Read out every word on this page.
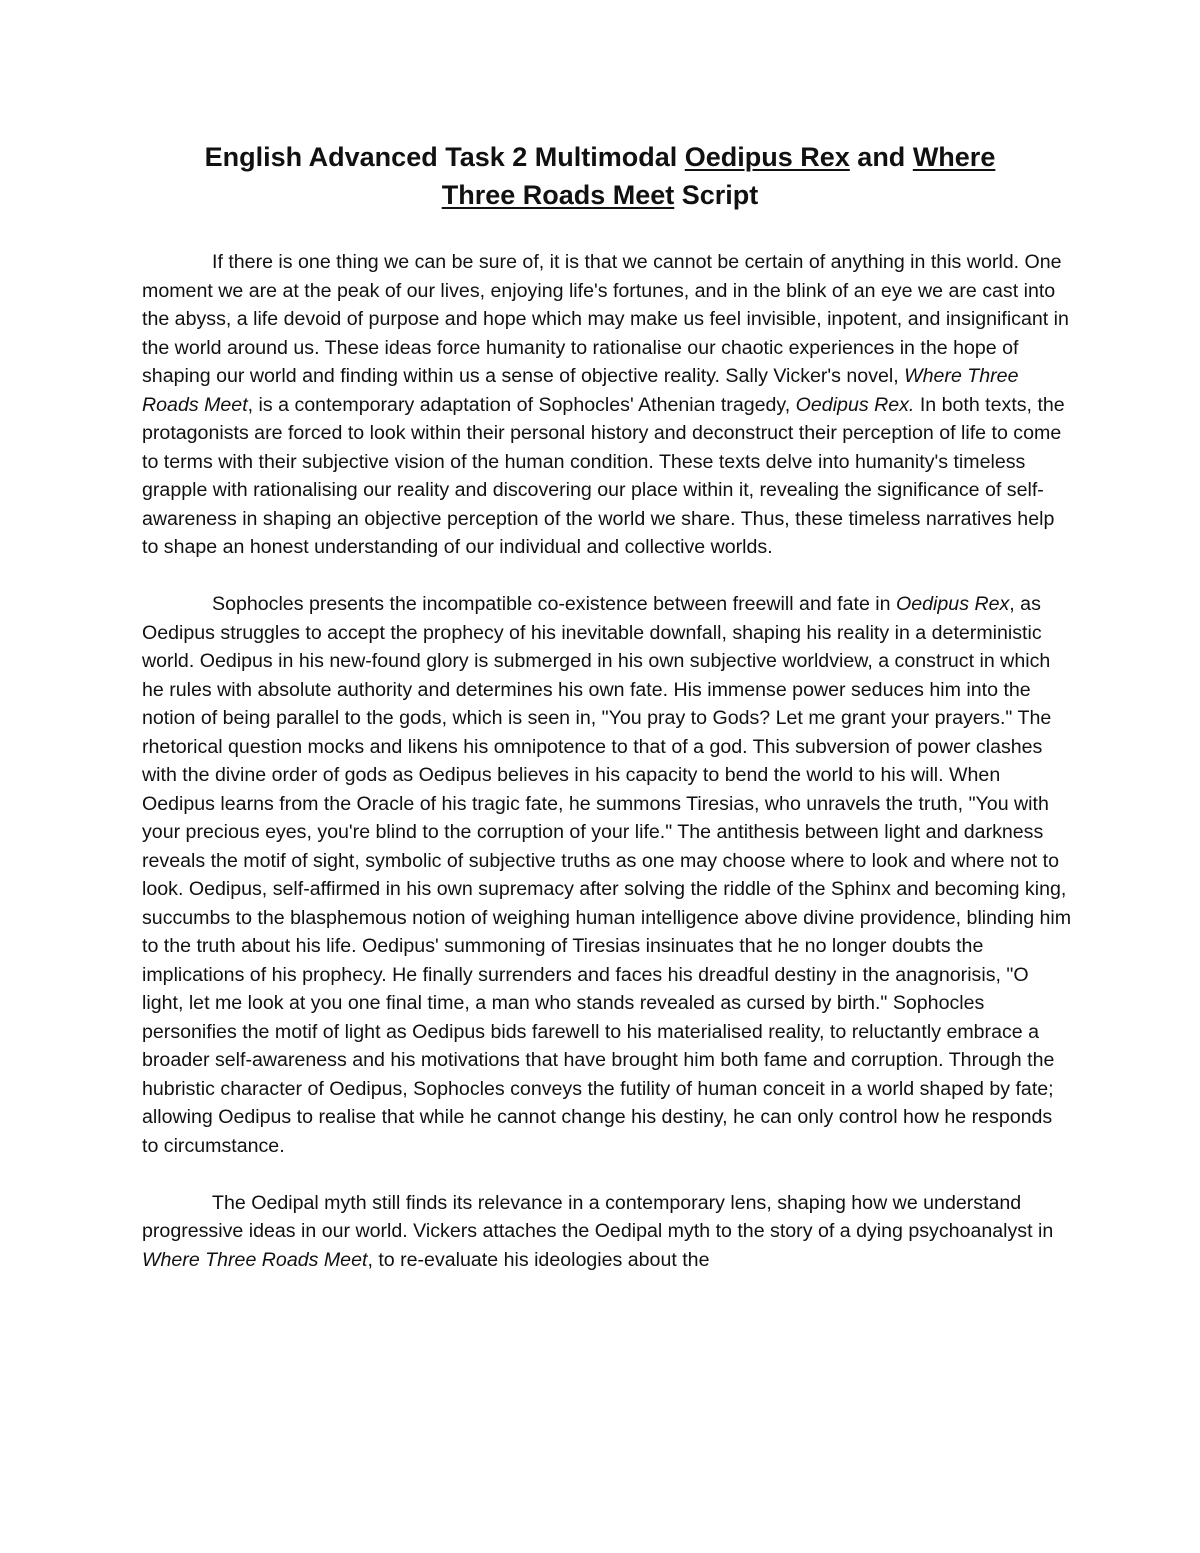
English Advanced Task 2 Multimodal Oedipus Rex and Where
Three Roads Meet Script

If there is one thing we can be sure of, it is that we cannot be certain of anything in this world. One moment we are at the peak of our lives, enjoying life's fortunes, and in the blink of an eye we are cast into the abyss, a life devoid of purpose and hope which may make us feel invisible, inpotent, and insignificant in the world around us. These ideas force humanity to rationalise our chaotic experiences in the hope of shaping our world and finding within us a sense of objective reality. Sally Vicker's novel, Where Three Roads Meet, is a contemporary adaptation of Sophocles' Athenian tragedy, Oedipus Rex. In both texts, the protagonists are forced to look within their personal history and deconstruct their perception of life to come to terms with their subjective vision of the human condition. These texts delve into humanity's timeless grapple with rationalising our reality and discovering our place within it, revealing the significance of self-awareness in shaping an objective perception of the world we share. Thus, these timeless narratives help to shape an honest understanding of our individual and collective worlds.

Sophocles presents the incompatible co-existence between freewill and fate in Oedipus Rex, as Oedipus struggles to accept the prophecy of his inevitable downfall, shaping his reality in a deterministic world. Oedipus in his new-found glory is submerged in his own subjective worldview, a construct in which he rules with absolute authority and determines his own fate. His immense power seduces him into the notion of being parallel to the gods, which is seen in, "You pray to Gods? Let me grant your prayers." The rhetorical question mocks and likens his omnipotence to that of a god. This subversion of power clashes with the divine order of gods as Oedipus believes in his capacity to bend the world to his will. When Oedipus learns from the Oracle of his tragic fate, he summons Tiresias, who unravels the truth, "You with your precious eyes, you're blind to the corruption of your life." The antithesis between light and darkness reveals the motif of sight, symbolic of subjective truths as one may choose where to look and where not to look. Oedipus, self-affirmed in his own supremacy after solving the riddle of the Sphinx and becoming king, succumbs to the blasphemous notion of weighing human intelligence above divine providence, blinding him to the truth about his life. Oedipus' summoning of Tiresias insinuates that he no longer doubts the implications of his prophecy. He finally surrenders and faces his dreadful destiny in the anagnorisis, "O light, let me look at you one final time, a man who stands revealed as cursed by birth." Sophocles personifies the motif of light as Oedipus bids farewell to his materialised reality, to reluctantly embrace a broader self-awareness and his motivations that have brought him both fame and corruption. Through the hubristic character of Oedipus, Sophocles conveys the futility of human conceit in a world shaped by fate; allowing Oedipus to realise that while he cannot change his destiny, he can only control how he responds to circumstance.

The Oedipal myth still finds its relevance in a contemporary lens, shaping how we understand progressive ideas in our world. Vickers attaches the Oedipal myth to the story of a dying psychoanalyst in Where Three Roads Meet, to re-evaluate his ideologies about the
